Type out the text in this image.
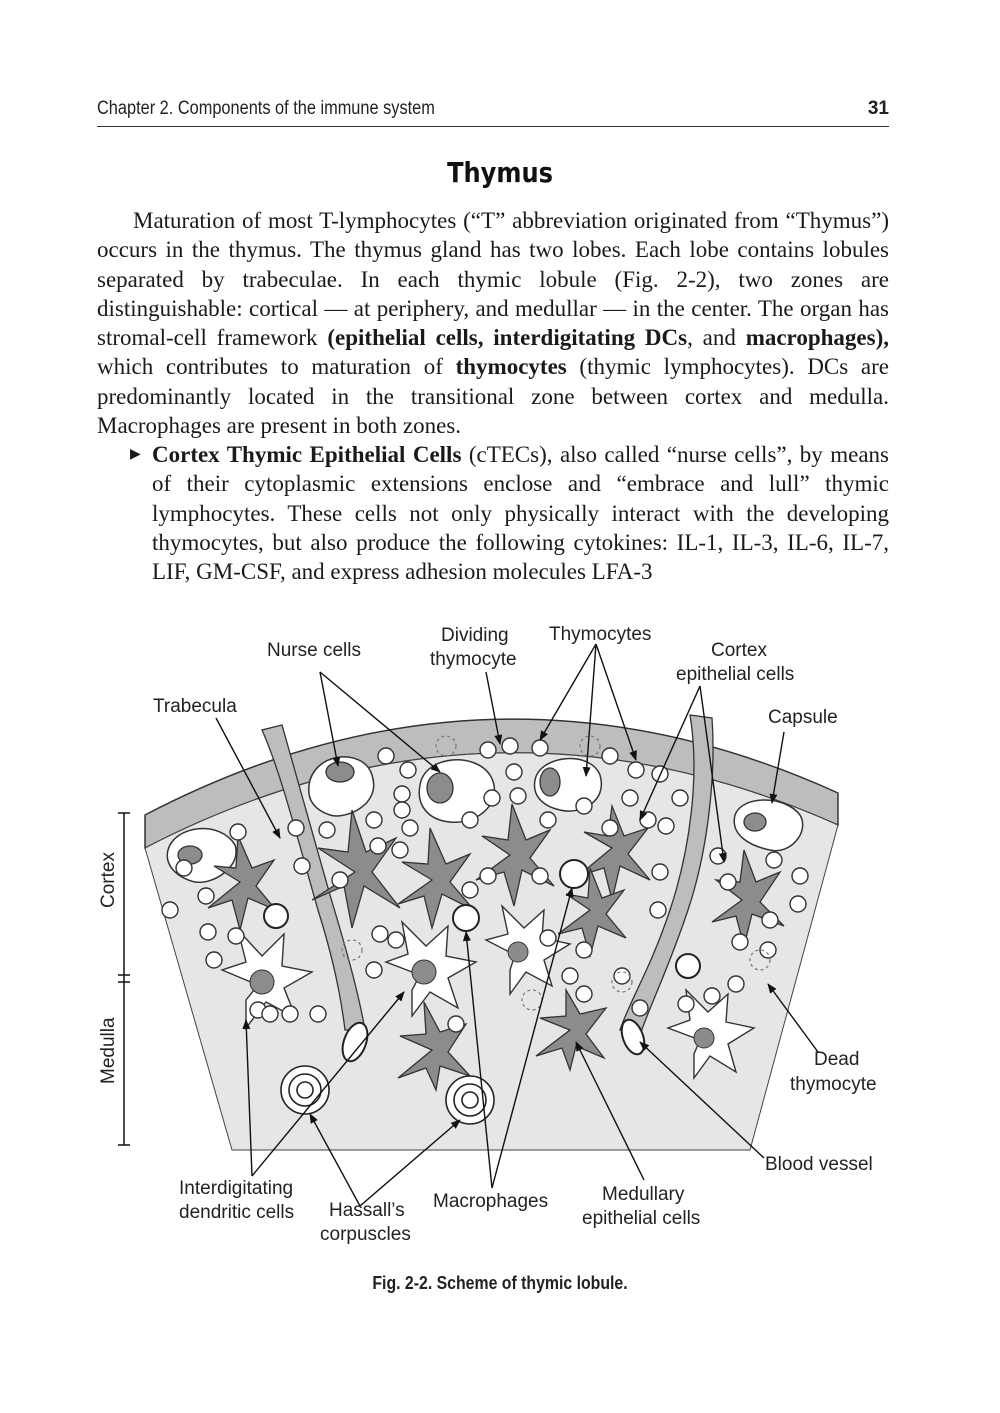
Chapter 2. Components of the immune system	31
Thymus

Maturation of most T-lymphocytes (“T” abbreviation originated from “Thymus”) occurs in the thymus. The thymus gland has two lobes. Each lobe contains lobules separated by trabeculae. In each thymic lobule (Fig. 2-2), two zones are distinguishable: cortical — at periphery, and medullar — in the center. The organ has stromal-cell framework (epithelial cells, interdigitating DCs, and macrophages), which contributes to maturation of thymocytes (thymic lymphocytes). DCs are predominantly located in the transitional zone between cortex and medulla. Macrophages are present in both zones.

▶ Cortex Thymic Epithelial Cells (cTECs), also called “nurse cells”, by means of their cytoplasmic extensions enclose and “embrace and lull” thymic lymphocytes. These cells not only physically interact with the developing thymocytes, but also produce the following cytokines: IL-1, IL-3, IL-6, IL-7, LIF, GM-CSF, and express adhesion molecules LFA-3
Nurse cells
Dividing
thymocyte
Thymocytes
Cortex
epithelial cells
Trabecula
Capsule
Cortex
Medulla	Dead
thymocyte
Blood vessel
Interdigitating
dendritic cells Hassall’s
corpuscles
Macrophages	Medullary
epithelial cells
Fig. 2-2. Scheme of thymic lobule.
